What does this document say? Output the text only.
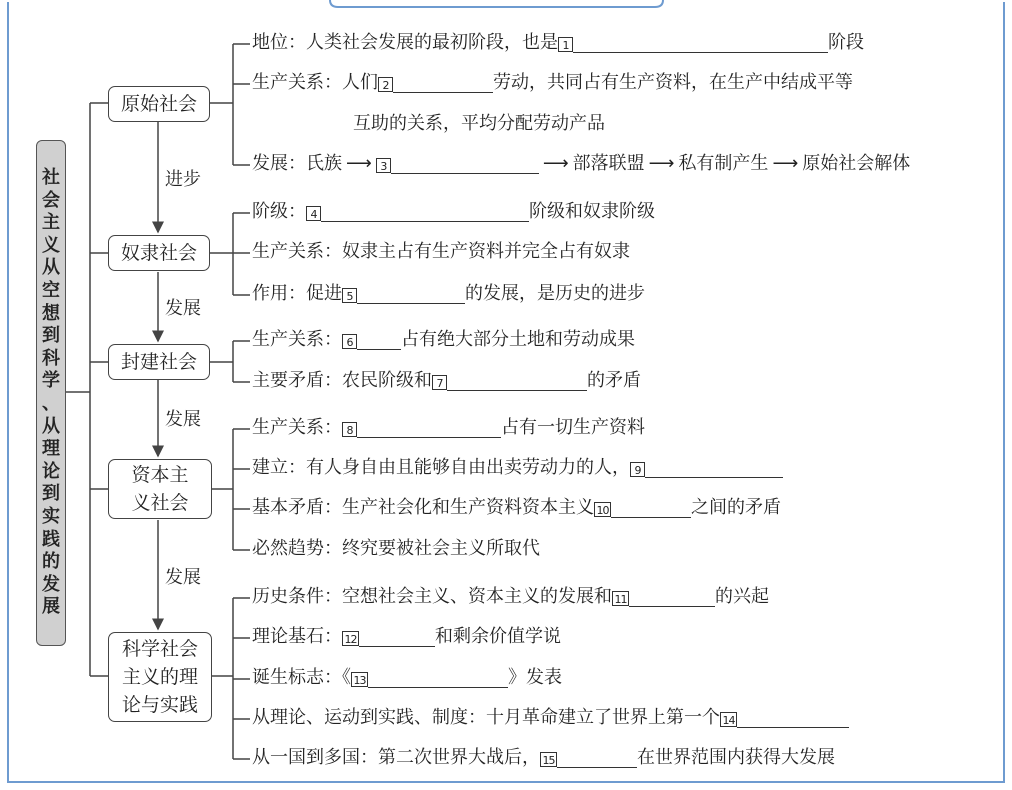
社
会
主
义
从
空
想
到
科
学
、
从
理
论
到
实
践
的
发
展
原始社会
奴隶社会
封建社会
资本主
义社会
科学社会
主义的理
论与实践
进步
发展
发展
发展
地位：人类社会发展的最初阶段，也是 1	阶段
生产关系：人们 2	劳动，共同占有生产资料，在生产中结成平等
互助的关系，平均分配劳动产品
发展：氏族 ⟶ 3	⟶ 部落联盟 ⟶ 私有制产生 ⟶ 原始社会解体
阶级： 4	阶级和奴隶阶级
生产关系：奴隶主占有生产资料并完全占有奴隶
作用：促进 5	的发展，是历史的进步
生产关系： 6	占有绝大部分土地和劳动成果
主要矛盾：农民阶级和 7	的矛盾
生产关系： 8	占有一切生产资料
建立：有人身自由且能够自由出卖劳动力的人， 9
基本矛盾：生产社会化和生产资料资本主义 10	之间的矛盾
必然趋势：终究要被社会主义所取代
历史条件：空想社会主义、资本主义的发展和 11	的兴起
理论基石： 12	和剩余价值学说
诞生标志：《 13	》发表
从理论、运动到实践、制度：十月革命建立了世界上第一个 14
从一国到多国：第二次世界大战后， 15	在世界范围内获得大发展
